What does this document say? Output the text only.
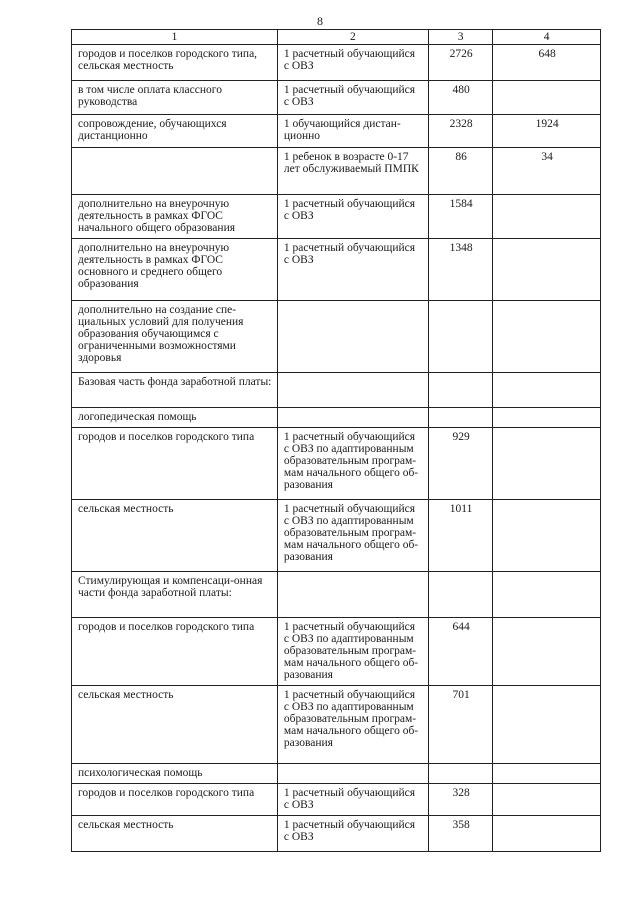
8
1	2	3	4
городов и поселков городского типа, сельская местность	1 расчетный обучающийся с ОВЗ	2726	648
в том числе оплата классного руководства	1 расчетный обучающийся с ОВЗ	480	
сопровождение, обучающихся дистанционно	1 обучающийся дистан-ционно	2328	1924
	1 ребенок в возрасте 0-17 лет обслуживаемый ПМПК	86	34
дополнительно на внеурочную деятельность в рамках ФГОС начального общего образования	1 расчетный обучающийся с ОВЗ	1584	
дополнительно на внеурочную деятельность в рамках ФГОС основного и среднего общего образования	1 расчетный обучающийся с ОВЗ	1348	
дополнительно на создание спе-циальных условий для получения образования обучающимся с ограниченными возможностями здоровья			
Базовая часть фонда заработной платы:			
логопедическая помощь			
городов и поселков городского типа	1 расчетный обучающийся с ОВЗ по адаптированным образовательным програм-мам начального общего об-разования	929	
сельская местность	1 расчетный обучающийся с ОВЗ по адаптированным образовательным програм-мам начального общего об-разования	1011	
Стимулирующая и компенсаци-онная части фонда заработной платы:			
городов и поселков городского типа	1 расчетный обучающийся с ОВЗ по адаптированным образовательным програм-мам начального общего об-разования	644	
сельская местность	1 расчетный обучающийся с ОВЗ по адаптированным образовательным програм-мам начального общего об-разования	701	
психологическая помощь			
городов и поселков городского типа	1 расчетный обучающийся с ОВЗ	328	
сельская местность	1 расчетный обучающийся с ОВЗ	358	
